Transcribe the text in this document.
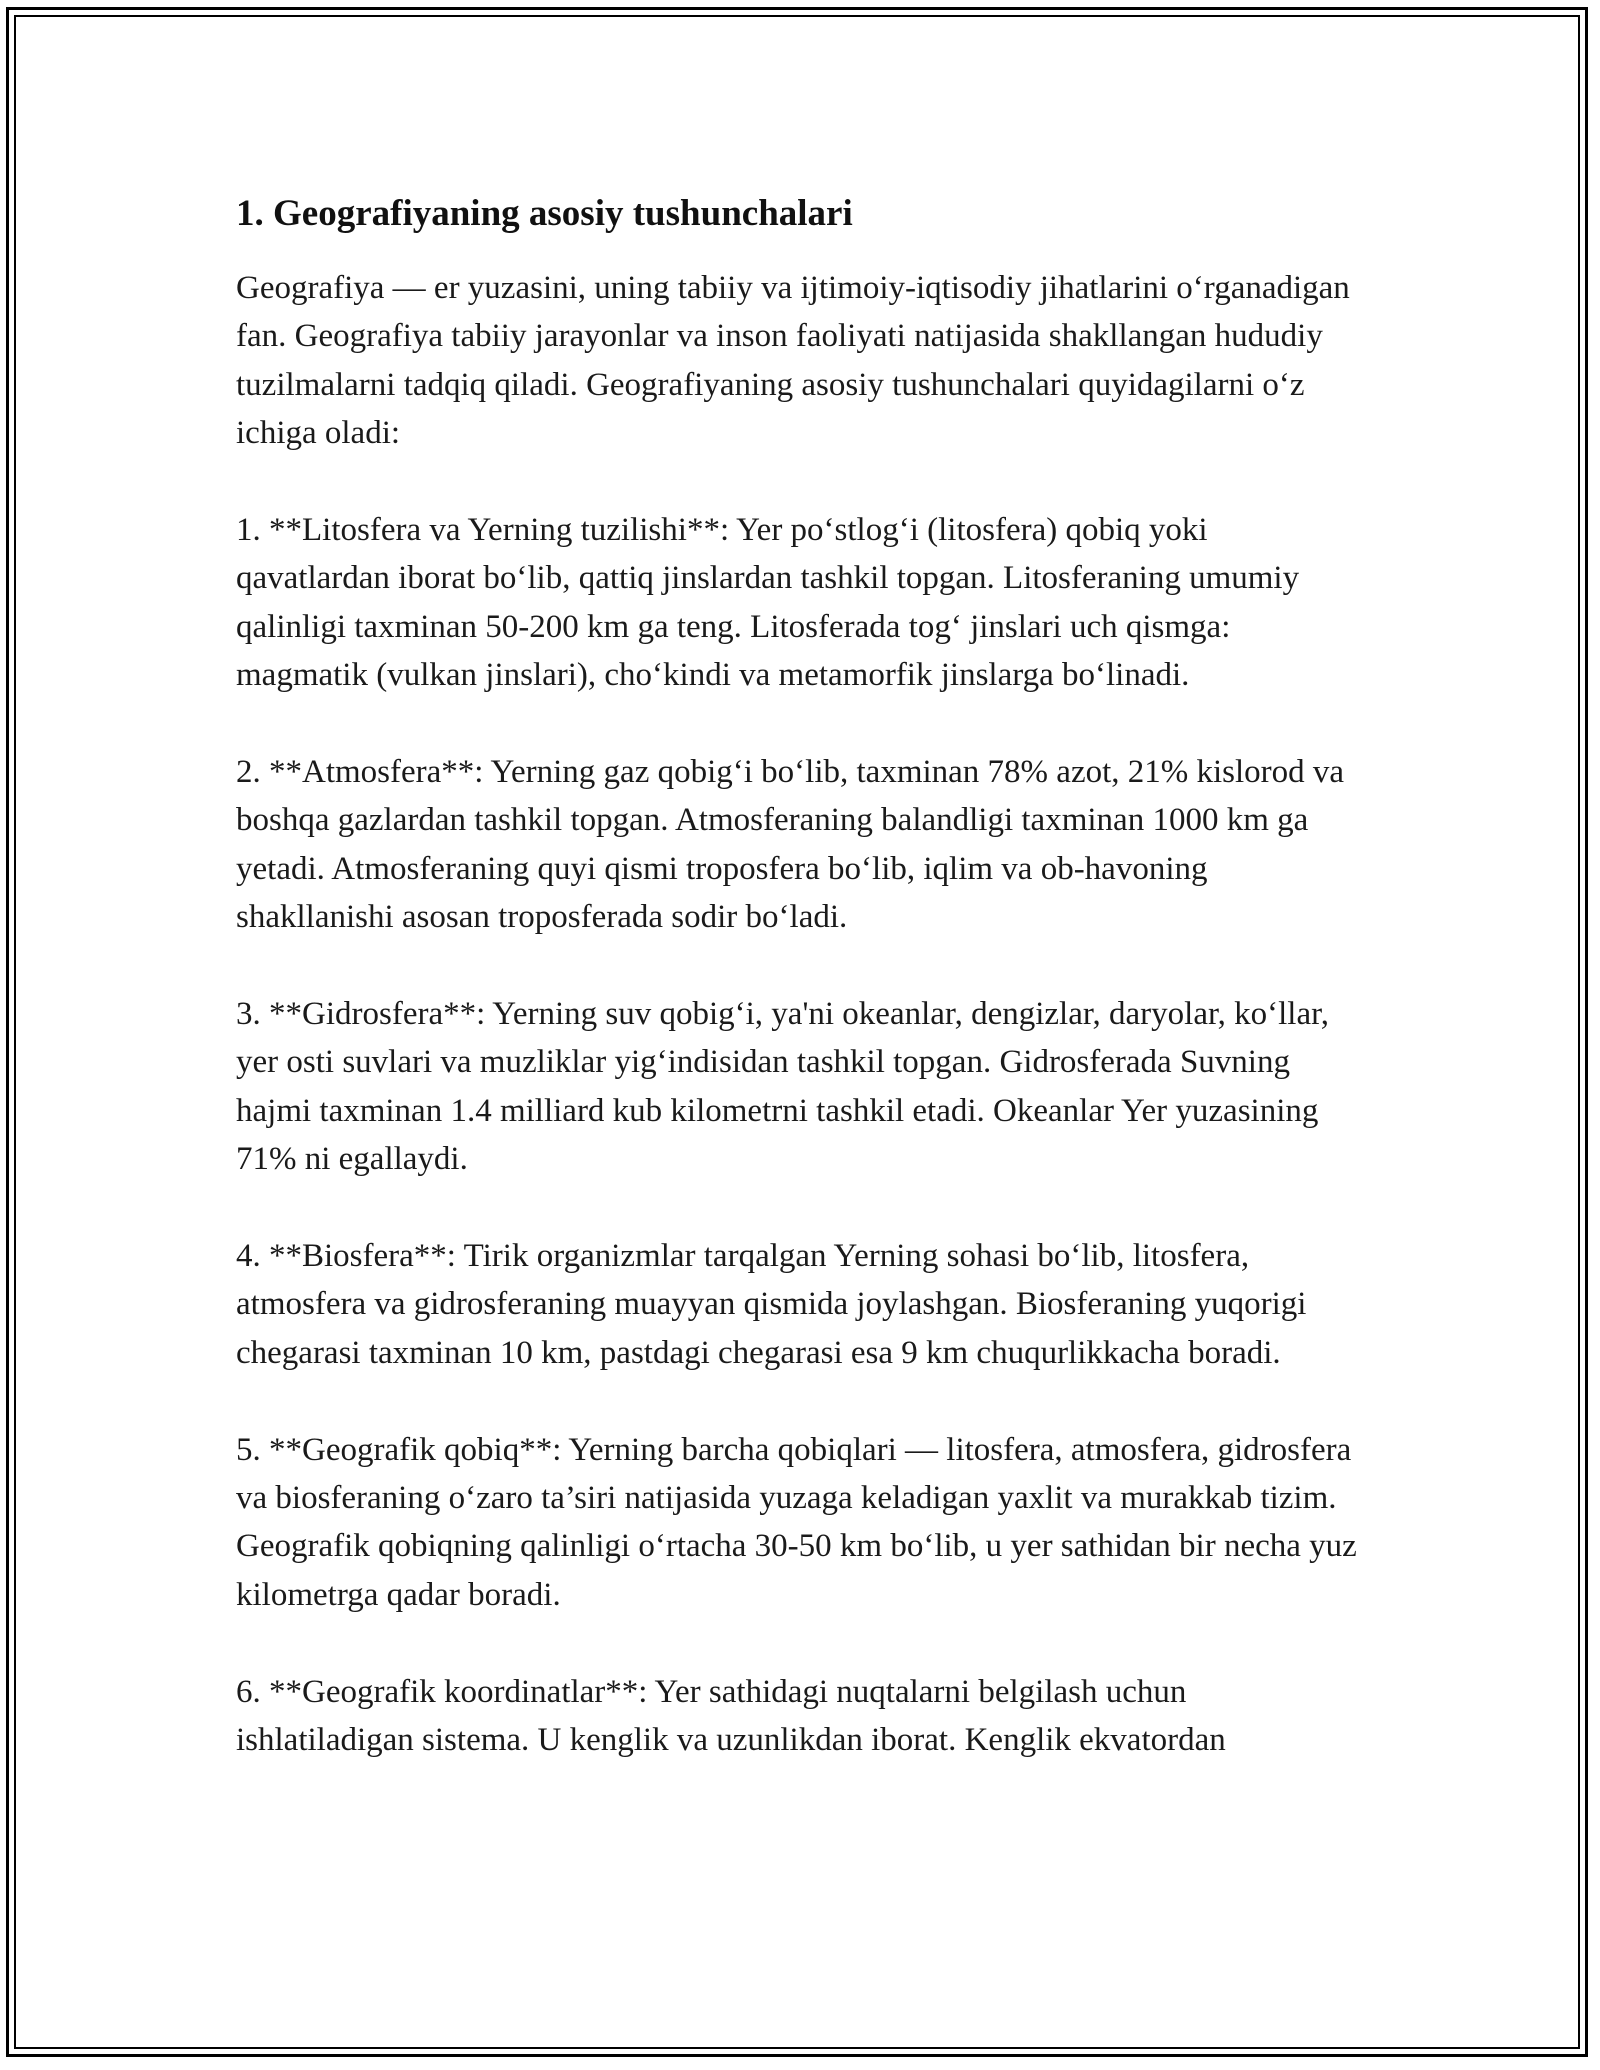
1. Geografiyaning asosiy tushunchalari

Geografiya — er yuzasini, uning tabiiy va ijtimoiy-iqtisodiy jihatlarini o‘rganadigan fan. Geografiya tabiiy jarayonlar va inson faoliyati natijasida shakllangan hududiy tuzilmalarni tadqiq qiladi. Geografiyaning asosiy tushunchalari quyidagilarni o‘z ichiga oladi:

1. **Litosfera va Yerning tuzilishi**: Yer po‘stlog‘i (litosfera) qobiq yoki qavatlardan iborat bo‘lib, qattiq jinslardan tashkil topgan. Litosferaning umumiy qalinligi taxminan 50-200 km ga teng. Litosferada tog‘ jinslari uch qismga: magmatik (vulkan jinslari), cho‘kindi va metamorfik jinslarga bo‘linadi.

2. **Atmosfera**: Yerning gaz qobig‘i bo‘lib, taxminan 78% azot, 21% kislorod va boshqa gazlardan tashkil topgan. Atmosferaning balandligi taxminan 1000 km ga yetadi. Atmosferaning quyi qismi troposfera bo‘lib, iqlim va ob-havoning shakllanishi asosan troposferada sodir bo‘ladi.

3. **Gidrosfera**: Yerning suv qobig‘i, ya'ni okeanlar, dengizlar, daryolar, ko‘llar, yer osti suvlari va muzliklar yig‘indisidan tashkil topgan. Gidrosferada Suvning hajmi taxminan 1.4 milliard kub kilometrni tashkil etadi. Okeanlar Yer yuzasining 71% ni egallaydi.

4. **Biosfera**: Tirik organizmlar tarqalgan Yerning sohasi bo‘lib, litosfera, atmosfera va gidrosferaning muayyan qismida joylashgan. Biosferaning yuqorigi chegarasi taxminan 10 km, pastdagi chegarasi esa 9 km chuqurlikkacha boradi.

5. **Geografik qobiq**: Yerning barcha qobiqlari — litosfera, atmosfera, gidrosfera va biosferaning o‘zaro ta’siri natijasida yuzaga keladigan yaxlit va murakkab tizim. Geografik qobiqning qalinligi o‘rtacha 30-50 km bo‘lib, u yer sathidan bir necha yuz kilometrga qadar boradi.

6. **Geografik koordinatlar**: Yer sathidagi nuqtalarni belgilash uchun ishlatiladigan sistema. U kenglik va uzunlikdan iborat. Kenglik ekvatordan
